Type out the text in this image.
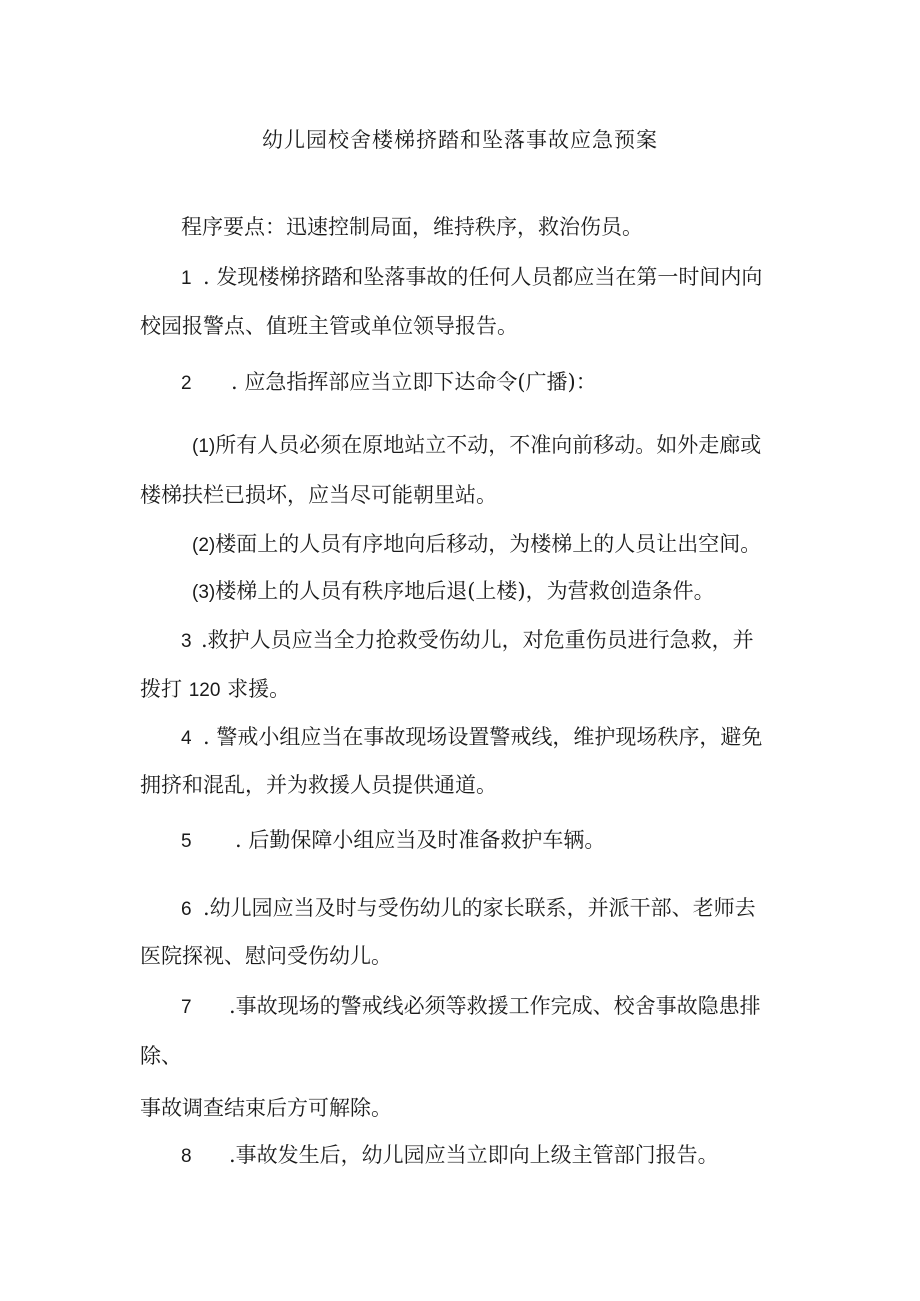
幼儿园校舍楼梯挤踏和坠落事故应急预案
程序要点：迅速控制局面，维持秩序，救治伤员。
1 . 发现楼梯挤踏和坠落事故的任何人员都应当在第一时间内向
校园报警点、值班主管或单位领导报告。
2 . 应急指挥部应当立即下达命令(广播)：
(1)所有人员必须在原地站立不动，不准向前移动。如外走廊或
楼梯扶栏已损坏，应当尽可能朝里站。
(2)楼面上的人员有序地向后移动，为楼梯上的人员让出空间。
(3)楼梯上的人员有秩序地后退(上楼)，为营救创造条件。
3 .救护人员应当全力抢救受伤幼儿，对危重伤员进行急救，并
拨打 120 求援。
4 . 警戒小组应当在事故现场设置警戒线，维护现场秩序，避免
拥挤和混乱，并为救援人员提供通道。
5 . 后勤保障小组应当及时准备救护车辆。
6 .幼儿园应当及时与受伤幼儿的家长联系，并派干部、老师去
医院探视、慰问受伤幼儿。
7 .事故现场的警戒线必须等救援工作完成、校舍事故隐患排
除、
事故调查结束后方可解除。
8 .事故发生后，幼儿园应当立即向上级主管部门报告。
